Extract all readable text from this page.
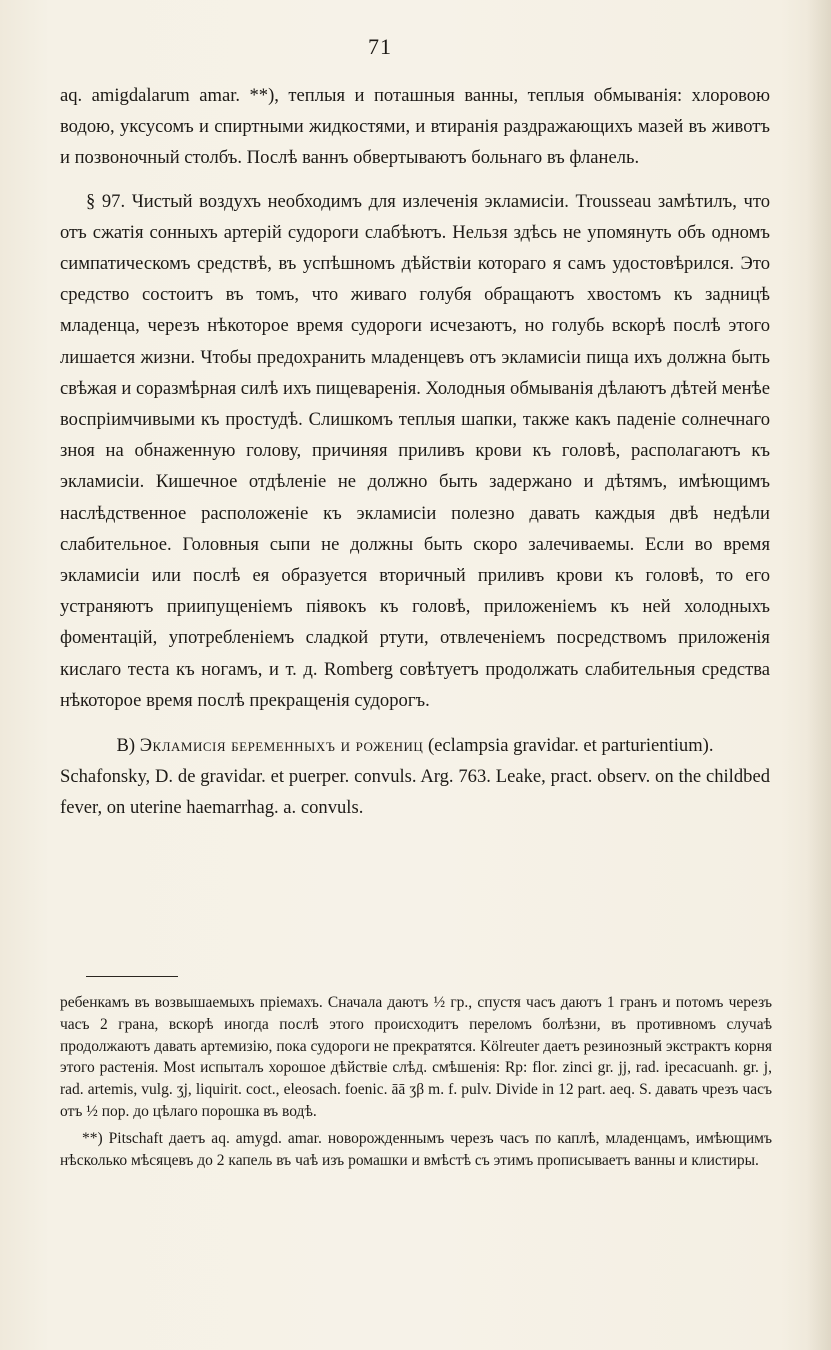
71

aq. amigdalarum amar. **), теплыя и поташныя ванны, теплыя обмыванія: хлоровою водою, уксусомъ и спиртными жидкостями, и втиранія раздражающихъ мазей въ животъ и позвоночный столбъ. Послѣ ваннъ обвертываютъ больнаго въ фланель.

§ 97. Чистый воздухъ необходимъ для излеченія экламисіи. Trousseau замѣтилъ, что отъ сжатія сонныхъ артерій судороги слабѣютъ. Нельзя здѣсь не упомянуть объ одномъ симпатическомъ средствѣ, въ успѣшномъ дѣйствіи котораго я самъ удостовѣрился. Это средство состоитъ въ томъ, что живаго голубя обращаютъ хвостомъ къ задницѣ младенца, черезъ нѣкоторое время судороги исчезаютъ, но голубь вскорѣ послѣ этого лишается жизни. Чтобы предохранить младенцевъ отъ экламисіи пища ихъ должна быть свѣжая и соразмѣрная силѣ ихъ пищеваренія. Холодныя обмыванія дѣлаютъ дѣтей менѣе воспріимчивыми къ простудѣ. Слишкомъ теплыя шапки, также какъ паденіе солнечнаго зноя на обнаженную голову, причиняя приливъ крови къ головѣ, располагаютъ къ экламисіи. Кишечное отдѣленіе не должно быть задержано и дѣтямъ, имѣющимъ наслѣдственное расположеніе къ экламисіи полезно давать каждыя двѣ недѣли слабительное. Головныя сыпи не должны быть скоро залечиваемы. Если во время экламисіи или послѣ ея образуется вторичный приливъ крови къ головѣ, то его устраняютъ приипущеніемъ піявокъ къ головѣ, приложеніемъ къ ней холодныхъ фоментацій, употребленіемъ сладкой ртути, отвлеченіемъ посредствомъ приложенія кислаго теста къ ногамъ, и т. д. Romberg совѣтуетъ продолжать слабительныя средства нѣкоторое время послѣ прекращенія судорогъ.

B) Экламисія беременныхъ и рожениц (eclampsia gravidar. et parturientium).

Schafonsky, D. de gravidar. et puerper. convuls. Arg. 763. Leake, pract. observ. on the childbed fever, on uterine haemarrhag. a. convuls.

ребенкамъ въ возвышаемыхъ пріемахъ. Сначала даютъ ½ гр., спустя часъ даютъ 1 гранъ и потомъ черезъ часъ 2 грана, вскорѣ иногда послѣ этого происходитъ переломъ болѣзни, въ противномъ случаѣ продолжаютъ давать артемизію, пока судороги не прекратятся. Kölreuter даетъ резинозный экстрактъ корня этого растенія. Most испыталъ хорошое дѣйствіе слѣд. смѣшенія: Rp: flor. zinci gr. jj, rad. ipecacuanh. gr. j, rad. artemis, vulg. ʒj, liquirit. coct., eleosach. foenic. āā ʒβ m. f. pulv. Divide in 12 part. aeq. S. давать чрезъ часъ отъ ½ пор. до цѣлаго порошка въ водѣ.

**) Pitschaft даетъ aq. amygd. amar. новорожденнымъ черезъ часъ по каплѣ, младенцамъ, имѣющимъ нѣсколько мѣсяцевъ до 2 капель въ чаѣ изъ ромашки и вмѣстѣ съ этимъ прописываетъ ванны и клистиры.
